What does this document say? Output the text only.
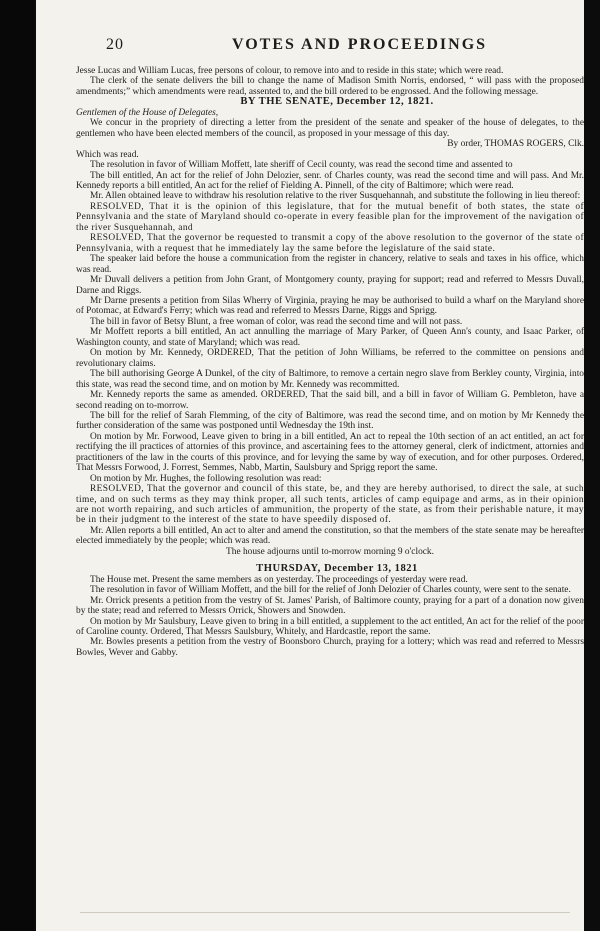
20	VOTES AND PROCEEDINGS

Jesse Lucas and William Lucas, free persons of colour, to remove into and to reside in this state; which were read.

The clerk of the senate delivers the bill to change the name of Madison Smith Norris, endorsed, “ will pass with the proposed amendments;” which amendments were read, assented to, and the bill ordered to be engrossed. And the following message.

BY THE SENATE, December 12, 1821.

Gentlemen of the House of Delegates,

We concur in the propriety of directing a letter from the president of the senate and speaker of the house of delegates, to the gentlemen who have been elected members of the council, as proposed in your message of this day.

By order, THOMAS ROGERS, Clk.

Which was read.

The resolution in favor of William Moffett, late sheriff of Cecil county, was read the second time and assented to

The bill entitled, An act for the relief of John Delozier, senr. of Charles county, was read the second time and will pass. And Mr. Kennedy reports a bill entitled, An act for the relief of Fielding A. Pinnell, of the city of Baltimore; which were read.

Mr. Allen obtained leave to withdraw his resolution relative to the river Susquehannah, and substitute the following in lieu thereof:

RESOLVED, That it is the opinion of this legislature, that for the mutual benefit of both states, the state of Pennsylvania and the state of Maryland should co-operate in every feasible plan for the improvement of the navigation of the river Susquehannah, and

RESOLVED, That the governor be requested to transmit a copy of the above resolution to the governor of the state of Pennsylvania, with a request that he immediately lay the same before the legislature of the said state.

The speaker laid before the house a communication from the register in chancery, relative to seals and taxes in his office, which was read.

Mr Duvall delivers a petition from John Grant, of Montgomery county, praying for support; read and referred to Messrs Duvall, Darne and Riggs.

Mr Darne presents a petition from Silas Wherry of Virginia, praying he may be authorised to build a wharf on the Maryland shore of Potomac, at Edward's Ferry; which was read and referred to Messrs Darne, Riggs and Sprigg.

The bill in favor of Betsy Blunt, a free woman of color, was read the second time and will not pass.

Mr Moffett reports a bill entitled, An act annulling the marriage of Mary Parker, of Queen Ann's county, and Isaac Parker, of Washington county, and state of Maryland; which was read.

On motion by Mr. Kennedy, ORDERED, That the petition of John Williams, be referred to the committee on pensions and revolutionary claims.

The bill authorising George A Dunkel, of the city of Baltimore, to remove a certain negro slave from Berkley county, Virginia, into this state, was read the second time, and on motion by Mr. Kennedy was recommitted.

Mr. Kennedy reports the same as amended. ORDERED, That the said bill, and a bill in favor of William G. Pembleton, have a second reading on to-morrow.

The bill for the relief of Sarah Flemming, of the city of Baltimore, was read the second time, and on motion by Mr Kennedy the further consideration of the same was postponed until Wednesday the 19th inst.

On motion by Mr. Forwood, Leave given to bring in a bill entitled, An act to repeal the 10th section of an act entitled, an act for rectifying the ill practices of attornies of this province, and ascertaining fees to the attorney general, clerk of indictment, attornies and practitioners of the law in the courts of this province, and for levying the same by way of execution, and for other purposes. Ordered, That Messrs Forwood, J. Forrest, Semmes, Nabb, Martin, Saulsbury and Sprigg report the same.

On motion by Mr. Hughes, the following resolution was read:

RESOLVED, That the governor and council of this state, be, and they are hereby authorised, to direct the sale, at such time, and on such terms as they may think proper, all such tents, articles of camp equipage and arms, as in their opinion are not worth repairing, and such articles of ammunition, the property of the state, as from their perishable nature, it may be in their judgment to the interest of the state to have speedily disposed of.

Mr. Allen reports a bill entitled, An act to alter and amend the constitution, so that the members of the state senate may be hereafter elected immediately by the people; which was read.

The house adjourns until to-morrow morning 9 o'clock.

THURSDAY, December 13, 1821

The House met. Present the same members as on yesterday. The proceedings of yesterday were read.

The resolution in favor of William Moffett, and the bill for the relief of Jonh Delozier of Charles county, were sent to the senate.

Mr. Orrick presents a petition from the vestry of St. James' Parish, of Baltimore county, praying for a part of a donation now given by the state; read and referred to Messrs Orrick, Showers and Snowden.

On motion by Mr Saulsbury, Leave given to bring in a bill entitled, a supplement to the act entitled, An act for the relief of the poor of Caroline county. Ordered, That Messrs Saulsbury, Whitely, and Hardcastle, report the same.

Mr. Bowles presents a petition from the vestry of Boonsboro Church, praying for a lottery; which was read and referred to Messrs Bowles, Wever and Gabby.
